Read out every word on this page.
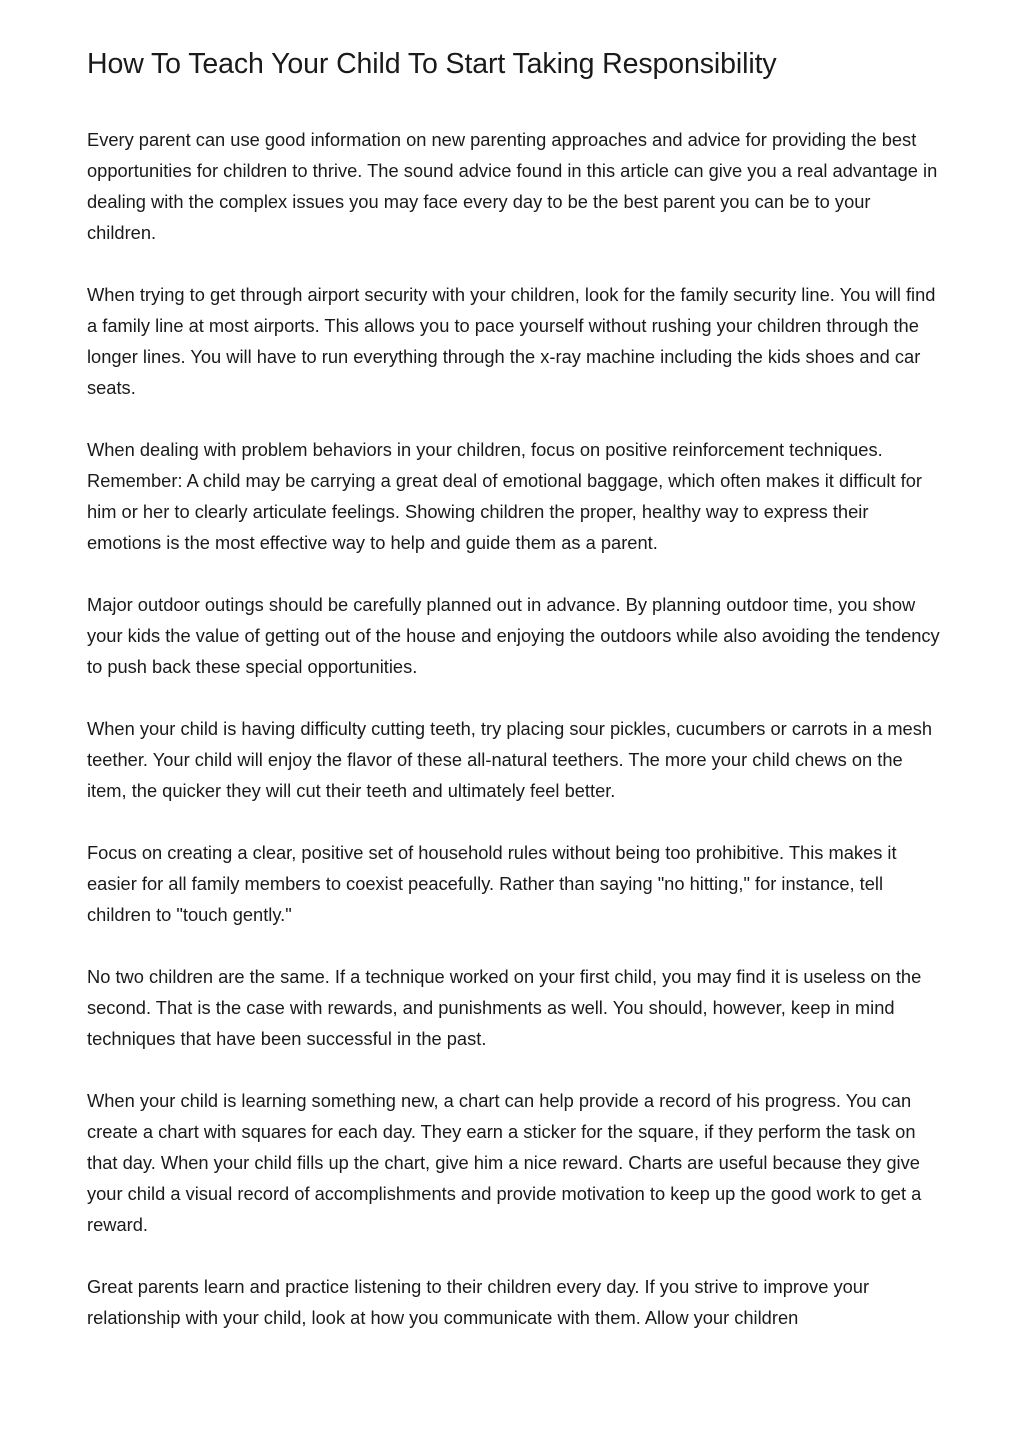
How To Teach Your Child To Start Taking Responsibility

Every parent can use good information on new parenting approaches and advice for providing the best opportunities for children to thrive. The sound advice found in this article can give you a real advantage in dealing with the complex issues you may face every day to be the best parent you can be to your children.

When trying to get through airport security with your children, look for the family security line. You will find a family line at most airports. This allows you to pace yourself without rushing your children through the longer lines. You will have to run everything through the x-ray machine including the kids shoes and car seats.

When dealing with problem behaviors in your children, focus on positive reinforcement techniques. Remember: A child may be carrying a great deal of emotional baggage, which often makes it difficult for him or her to clearly articulate feelings. Showing children the proper, healthy way to express their emotions is the most effective way to help and guide them as a parent.

Major outdoor outings should be carefully planned out in advance. By planning outdoor time, you show your kids the value of getting out of the house and enjoying the outdoors while also avoiding the tendency to push back these special opportunities.

When your child is having difficulty cutting teeth, try placing sour pickles, cucumbers or carrots in a mesh teether. Your child will enjoy the flavor of these all-natural teethers. The more your child chews on the item, the quicker they will cut their teeth and ultimately feel better.

Focus on creating a clear, positive set of household rules without being too prohibitive. This makes it easier for all family members to coexist peacefully. Rather than saying "no hitting," for instance, tell children to "touch gently."

No two children are the same. If a technique worked on your first child, you may find it is useless on the second. That is the case with rewards, and punishments as well. You should, however, keep in mind techniques that have been successful in the past.

When your child is learning something new, a chart can help provide a record of his progress. You can create a chart with squares for each day. They earn a sticker for the square, if they perform the task on that day. When your child fills up the chart, give him a nice reward. Charts are useful because they give your child a visual record of accomplishments and provide motivation to keep up the good work to get a reward.

Great parents learn and practice listening to their children every day. If you strive to improve your relationship with your child, look at how you communicate with them. Allow your children
